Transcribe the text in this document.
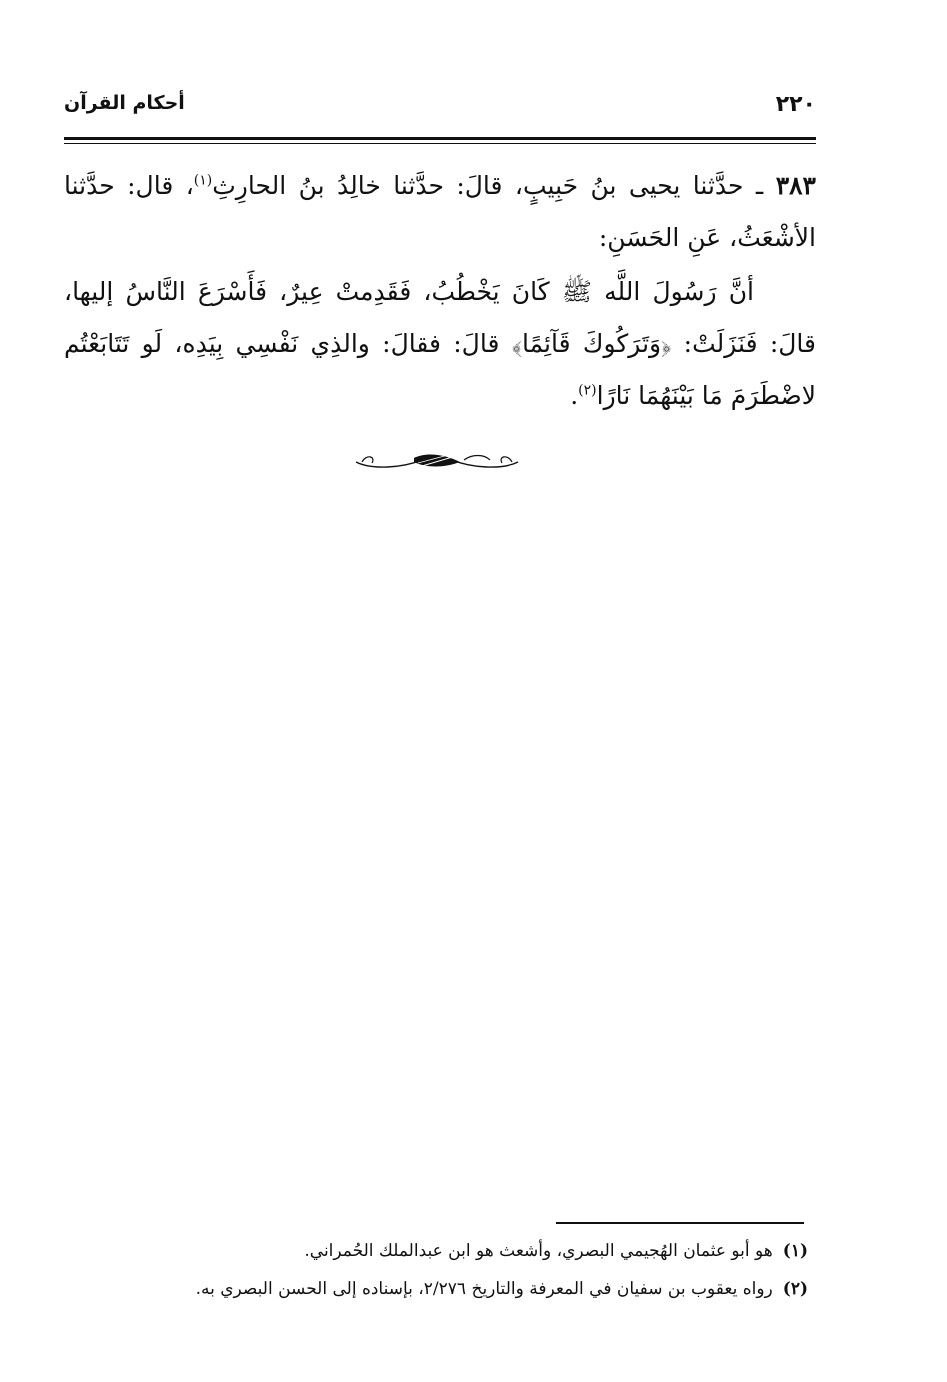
٢٢٠
أحكام القرآن

٣٨٣ ـ حدَّثنا يحيى بنُ حَبِيبٍ، قالَ: حدَّثنا خالِدُ بنُ الحارِثِ$^{(١)}$، قال: حدَّثنا الأشْعَثُ، عَنِ الحَسَنِ:

أنَّ رَسُولَ اللَّه ﷺ كَانَ يَخْطُبُ، فَقَدِمتْ عِيرٌ، فَأَسْرَعَ النَّاسُ إليها، قالَ: فَنَزَلَتْ: ﴿وَتَرَكُوكَ قَآئِمًا﴾ قالَ: فقالَ: والذِي نَفْسِي بِيَدِه، لَو تَتَابَعْتُم لاضْطَرَمَ مَا بَيْنَهُمَا نَارًا$^{(٢)}$.

(١)هو أبو عثمان الهُجيمي البصري، وأشعث هو ابن عبدالملك الحُمراني.

(٢)رواه يعقوب بن سفيان في المعرفة والتاريخ ٢/٢٧٦، بإسناده إلى الحسن البصري به.
